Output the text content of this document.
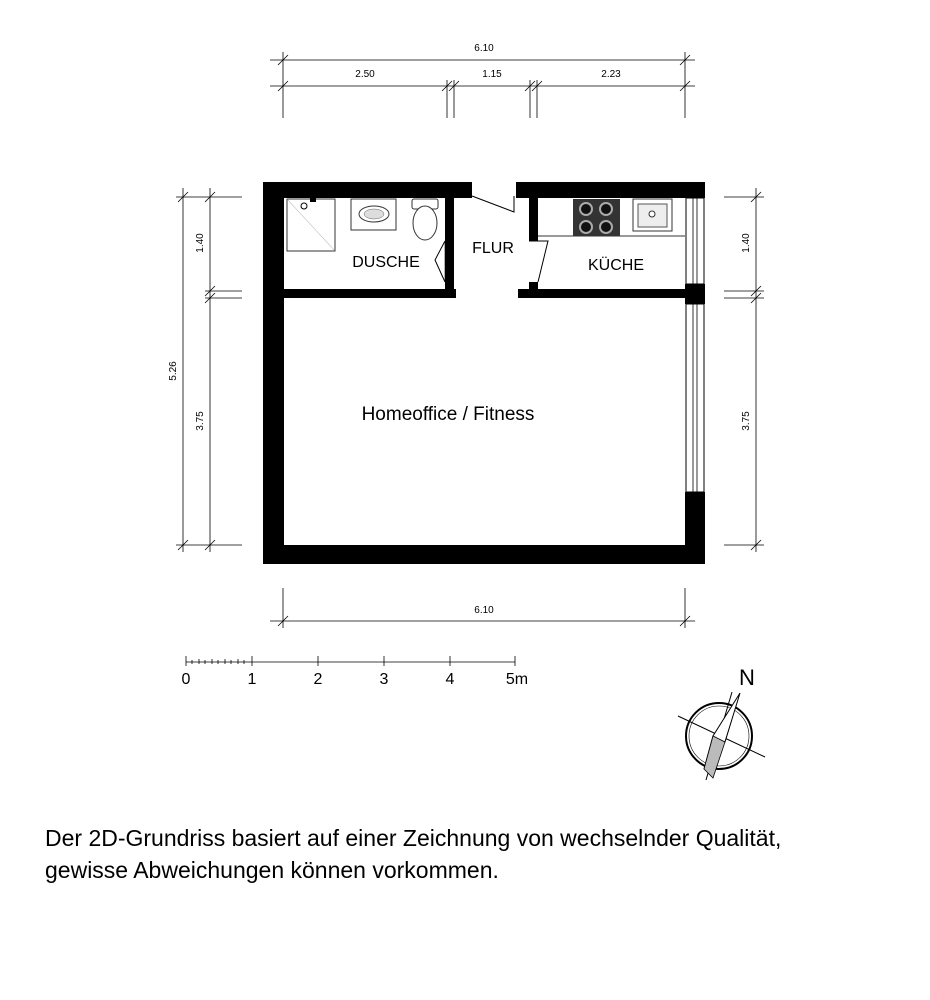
6.10
2.50	1.15	2.23
5.26
1.40
3.75
1.40
3.75
6.10
DUSCHE
FLUR
KÜCHE
Homeoffice / Fitness
0	1	2	3	4	5m	N
Der 2D-Grundriss basiert auf einer Zeichnung von wechselnder Qualität,
gewisse Abweichungen können vorkommen.
